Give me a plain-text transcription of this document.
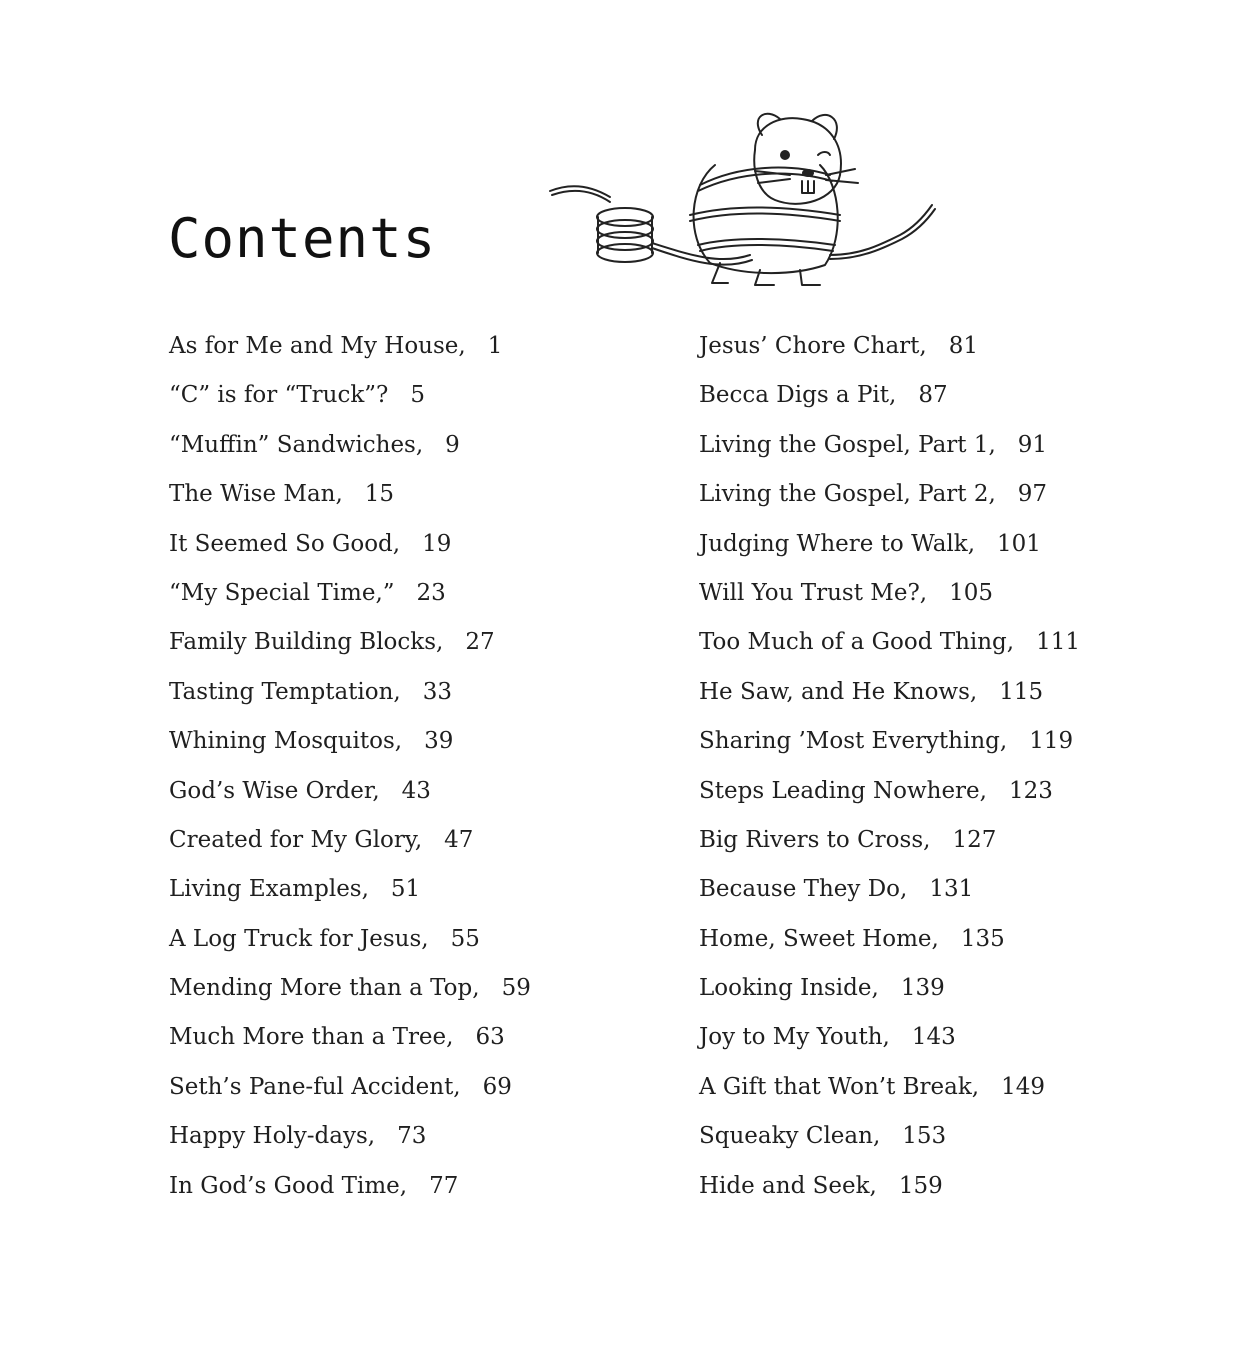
Contents
As for Me and My House, 1
“C” is for “Truck”? 5
“Muffin” Sandwiches, 9
The Wise Man, 15
It Seemed So Good, 19
“My Special Time,” 23
Family Building Blocks, 27
Tasting Temptation, 33
Whining Mosquitos, 39
God’s Wise Order, 43
Created for My Glory, 47
Living Examples, 51
A Log Truck for Jesus, 55
Mending More than a Top, 59
Much More than a Tree, 63
Seth’s Pane-ful Accident, 69
Happy Holy-days, 73
In God’s Good Time, 77
Jesus’ Chore Chart, 81
Becca Digs a Pit, 87
Living the Gospel, Part 1, 91
Living the Gospel, Part 2, 97
Judging Where to Walk, 101
Will You Trust Me?, 105
Too Much of a Good Thing, 111
He Saw, and He Knows, 115
Sharing ’Most Everything, 119
Steps Leading Nowhere, 123
Big Rivers to Cross, 127
Because They Do, 131
Home, Sweet Home, 135
Looking Inside, 139
Joy to My Youth, 143
A Gift that Won’t Break, 149
Squeaky Clean, 153
Hide and Seek, 159
